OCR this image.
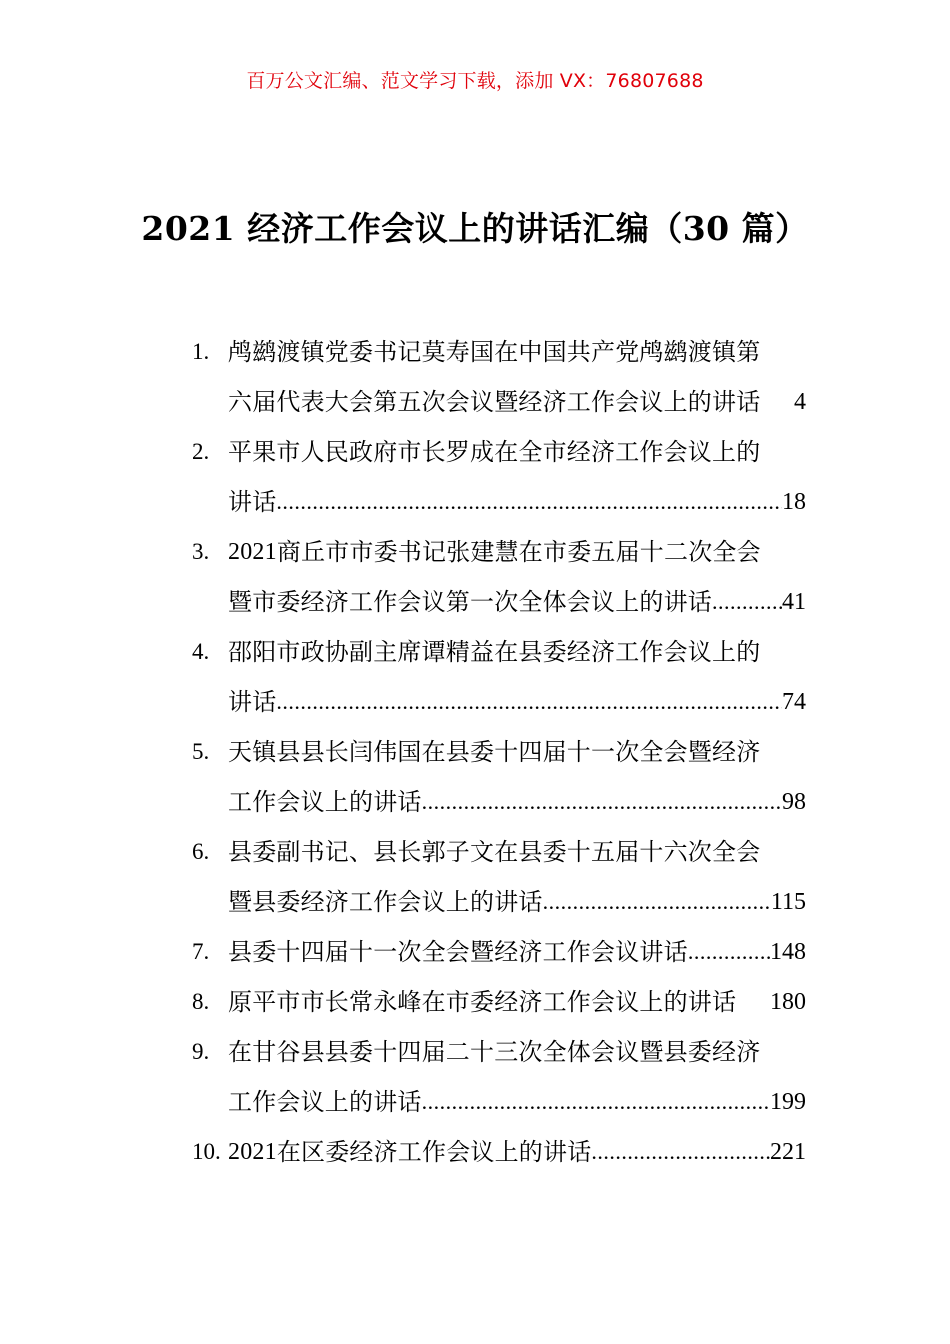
百万公文汇编、范文学习下载，添加 VX：76807688
2021 经济工作会议上的讲话汇编（30 篇）
1. 鸬鹚渡镇党委书记莫寿国在中国共产党鸬鹚渡镇第
六届代表大会第五次会议暨经济工作会议上的讲话 4
2. 平果市人民政府市长罗成在全市经济工作会议上的
讲话 .....	18
3. 2021 商丘市市委书记张建慧在市委五届十二次全会
暨市委经济工作会议第一次全体会议上的讲话 .....	41
4. 邵阳市政协副主席谭精益在县委经济工作会议上的
讲话 .....	74
5. 天镇县县长闫伟国在县委十四届十一次全会暨经济
工作会议上的讲话 .....	98
6. 县委副书记、县长郭子文在县委十五届十六次全会
暨县委经济工作会议上的讲话 .....	115
7. 县委十四届十一次全会暨经济工作会议讲话 .....	148
8. 原平市市长常永峰在市委经济工作会议上的讲话 180
9. 在甘谷县县委十四届二十三次全体会议暨县委经济
工作会议上的讲话 .....	199
10. 2021 在区委经济工作会议上的讲话 .....	221
